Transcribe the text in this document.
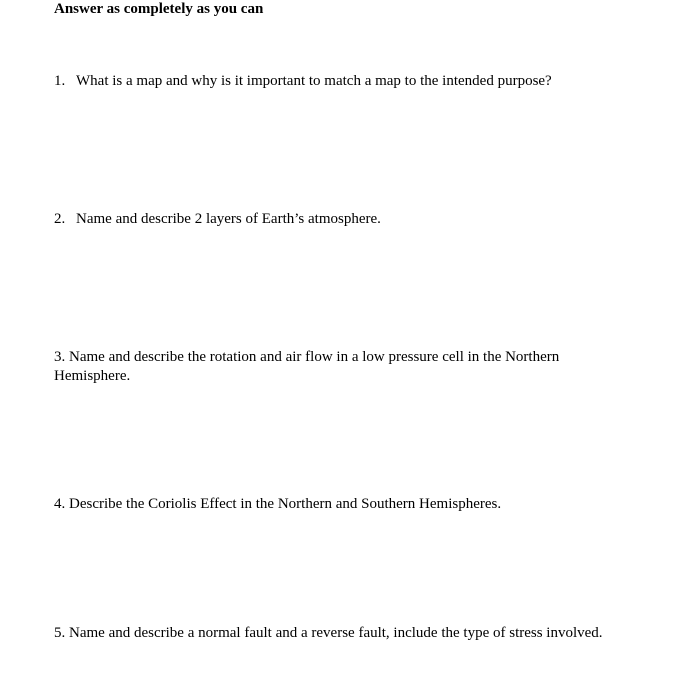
Answer as completely as you can
1. What is a map and why is it important to match a map to the intended purpose?
2. Name and describe 2 layers of Earth’s atmosphere.
3. Name and describe the rotation and air flow in a low pressure cell in the Northern Hemisphere.
4. Describe the Coriolis Effect in the Northern and Southern Hemispheres.
5. Name and describe a normal fault and a reverse fault, include the type of stress involved.
